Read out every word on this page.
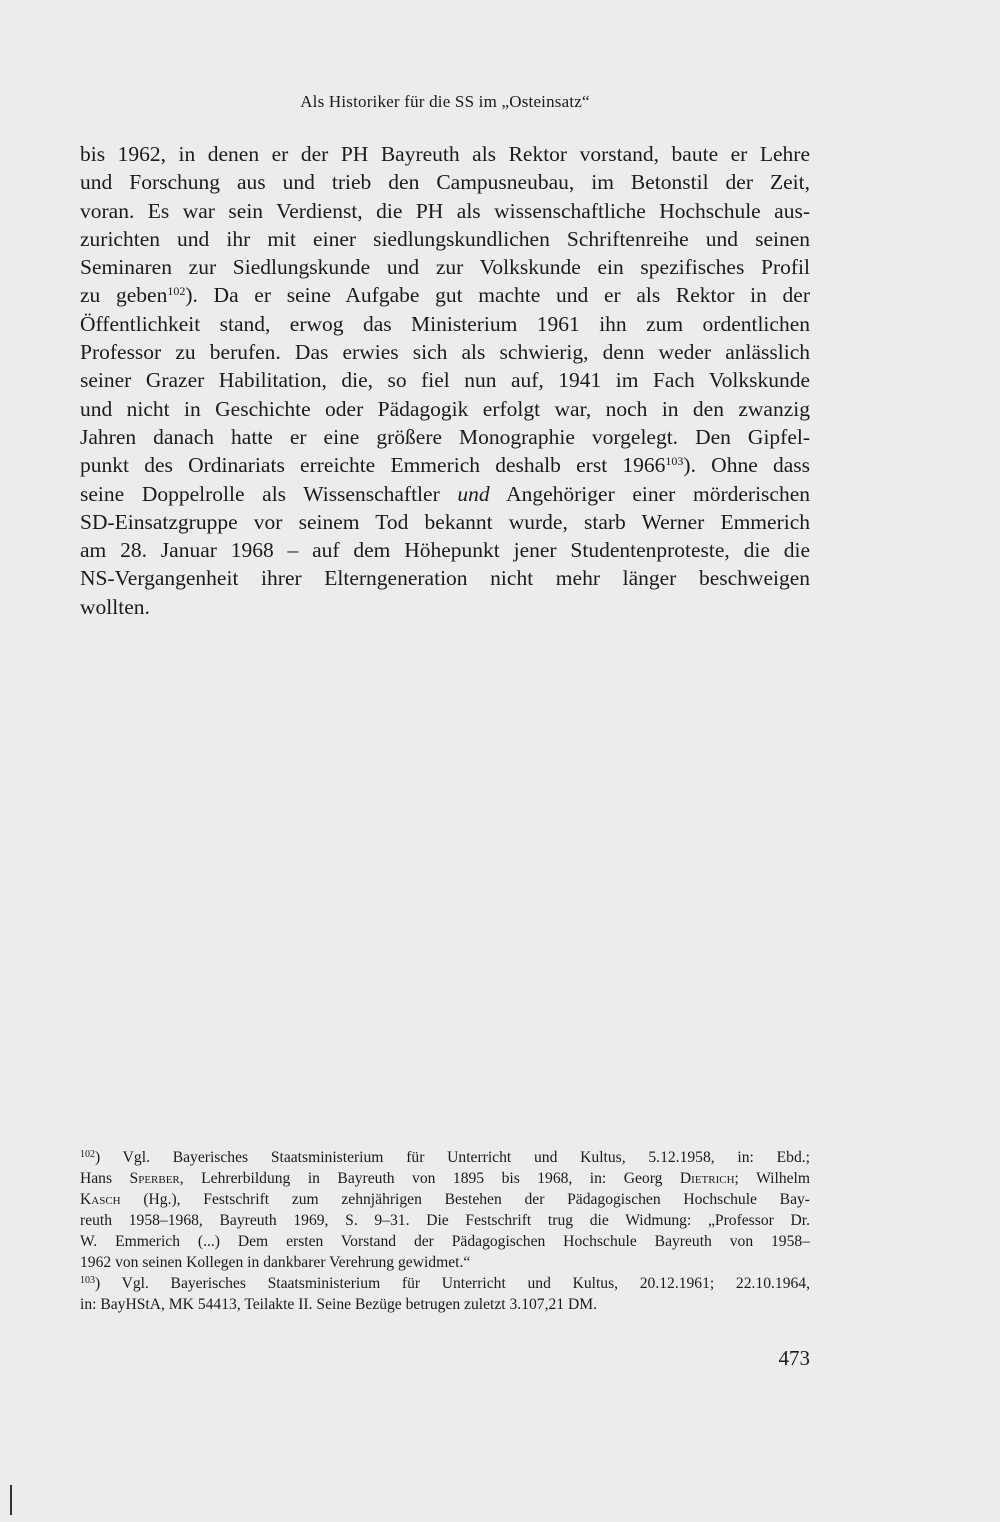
Als Historiker für die SS im „Osteinsatz“
bis 1962, in denen er der PH Bayreuth als Rektor vorstand, baute er Lehre
und Forschung aus und trieb den Campusneubau, im Betonstil der Zeit,
voran. Es war sein Verdienst, die PH als wissenschaftliche Hochschule aus-
zurichten und ihr mit einer siedlungskundlichen Schriftenreihe und seinen
Seminaren zur Siedlungskunde und zur Volkskunde ein spezifisches Profil
zu geben$^{102}$). Da er seine Aufgabe gut machte und er als Rektor in der
Öffentlichkeit stand, erwog das Ministerium 1961 ihn zum ordentlichen
Professor zu berufen. Das erwies sich als schwierig, denn weder anlässlich
seiner Grazer Habilitation, die, so fiel nun auf, 1941 im Fach Volkskunde
und nicht in Geschichte oder Pädagogik erfolgt war, noch in den zwanzig
Jahren danach hatte er eine größere Monographie vorgelegt. Den Gipfel-
punkt des Ordinariats erreichte Emmerich deshalb erst 1966$^{103}$). Ohne dass
seine Doppelrolle als Wissenschaftler und Angehöriger einer mörderischen
SD-Einsatzgruppe vor seinem Tod bekannt wurde, starb Werner Emmerich
am 28. Januar 1968 – auf dem Höhepunkt jener Studentenproteste, die die
NS-Vergangenheit ihrer Elterngeneration nicht mehr länger beschweigen
wollten.
$^{102}$) Vgl. Bayerisches Staatsministerium für Unterricht und Kultus, 5.12.1958, in: Ebd.;
Hans Sperber, Lehrerbildung in Bayreuth von 1895 bis 1968, in: Georg Dietrich; Wilhelm
Kasch (Hg.), Festschrift zum zehnjährigen Bestehen der Pädagogischen Hochschule Bay-
reuth 1958–1968, Bayreuth 1969, S. 9–31. Die Festschrift trug die Widmung: „Professor Dr.
W. Emmerich (...) Dem ersten Vorstand der Pädagogischen Hochschule Bayreuth von 1958–
1962 von seinen Kollegen in dankbarer Verehrung gewidmet.“
$^{103}$) Vgl. Bayerisches Staatsministerium für Unterricht und Kultus, 20.12.1961; 22.10.1964,
in: BayHStA, MK 54413, Teilakte II. Seine Bezüge betrugen zuletzt 3.107,21 DM.
473
